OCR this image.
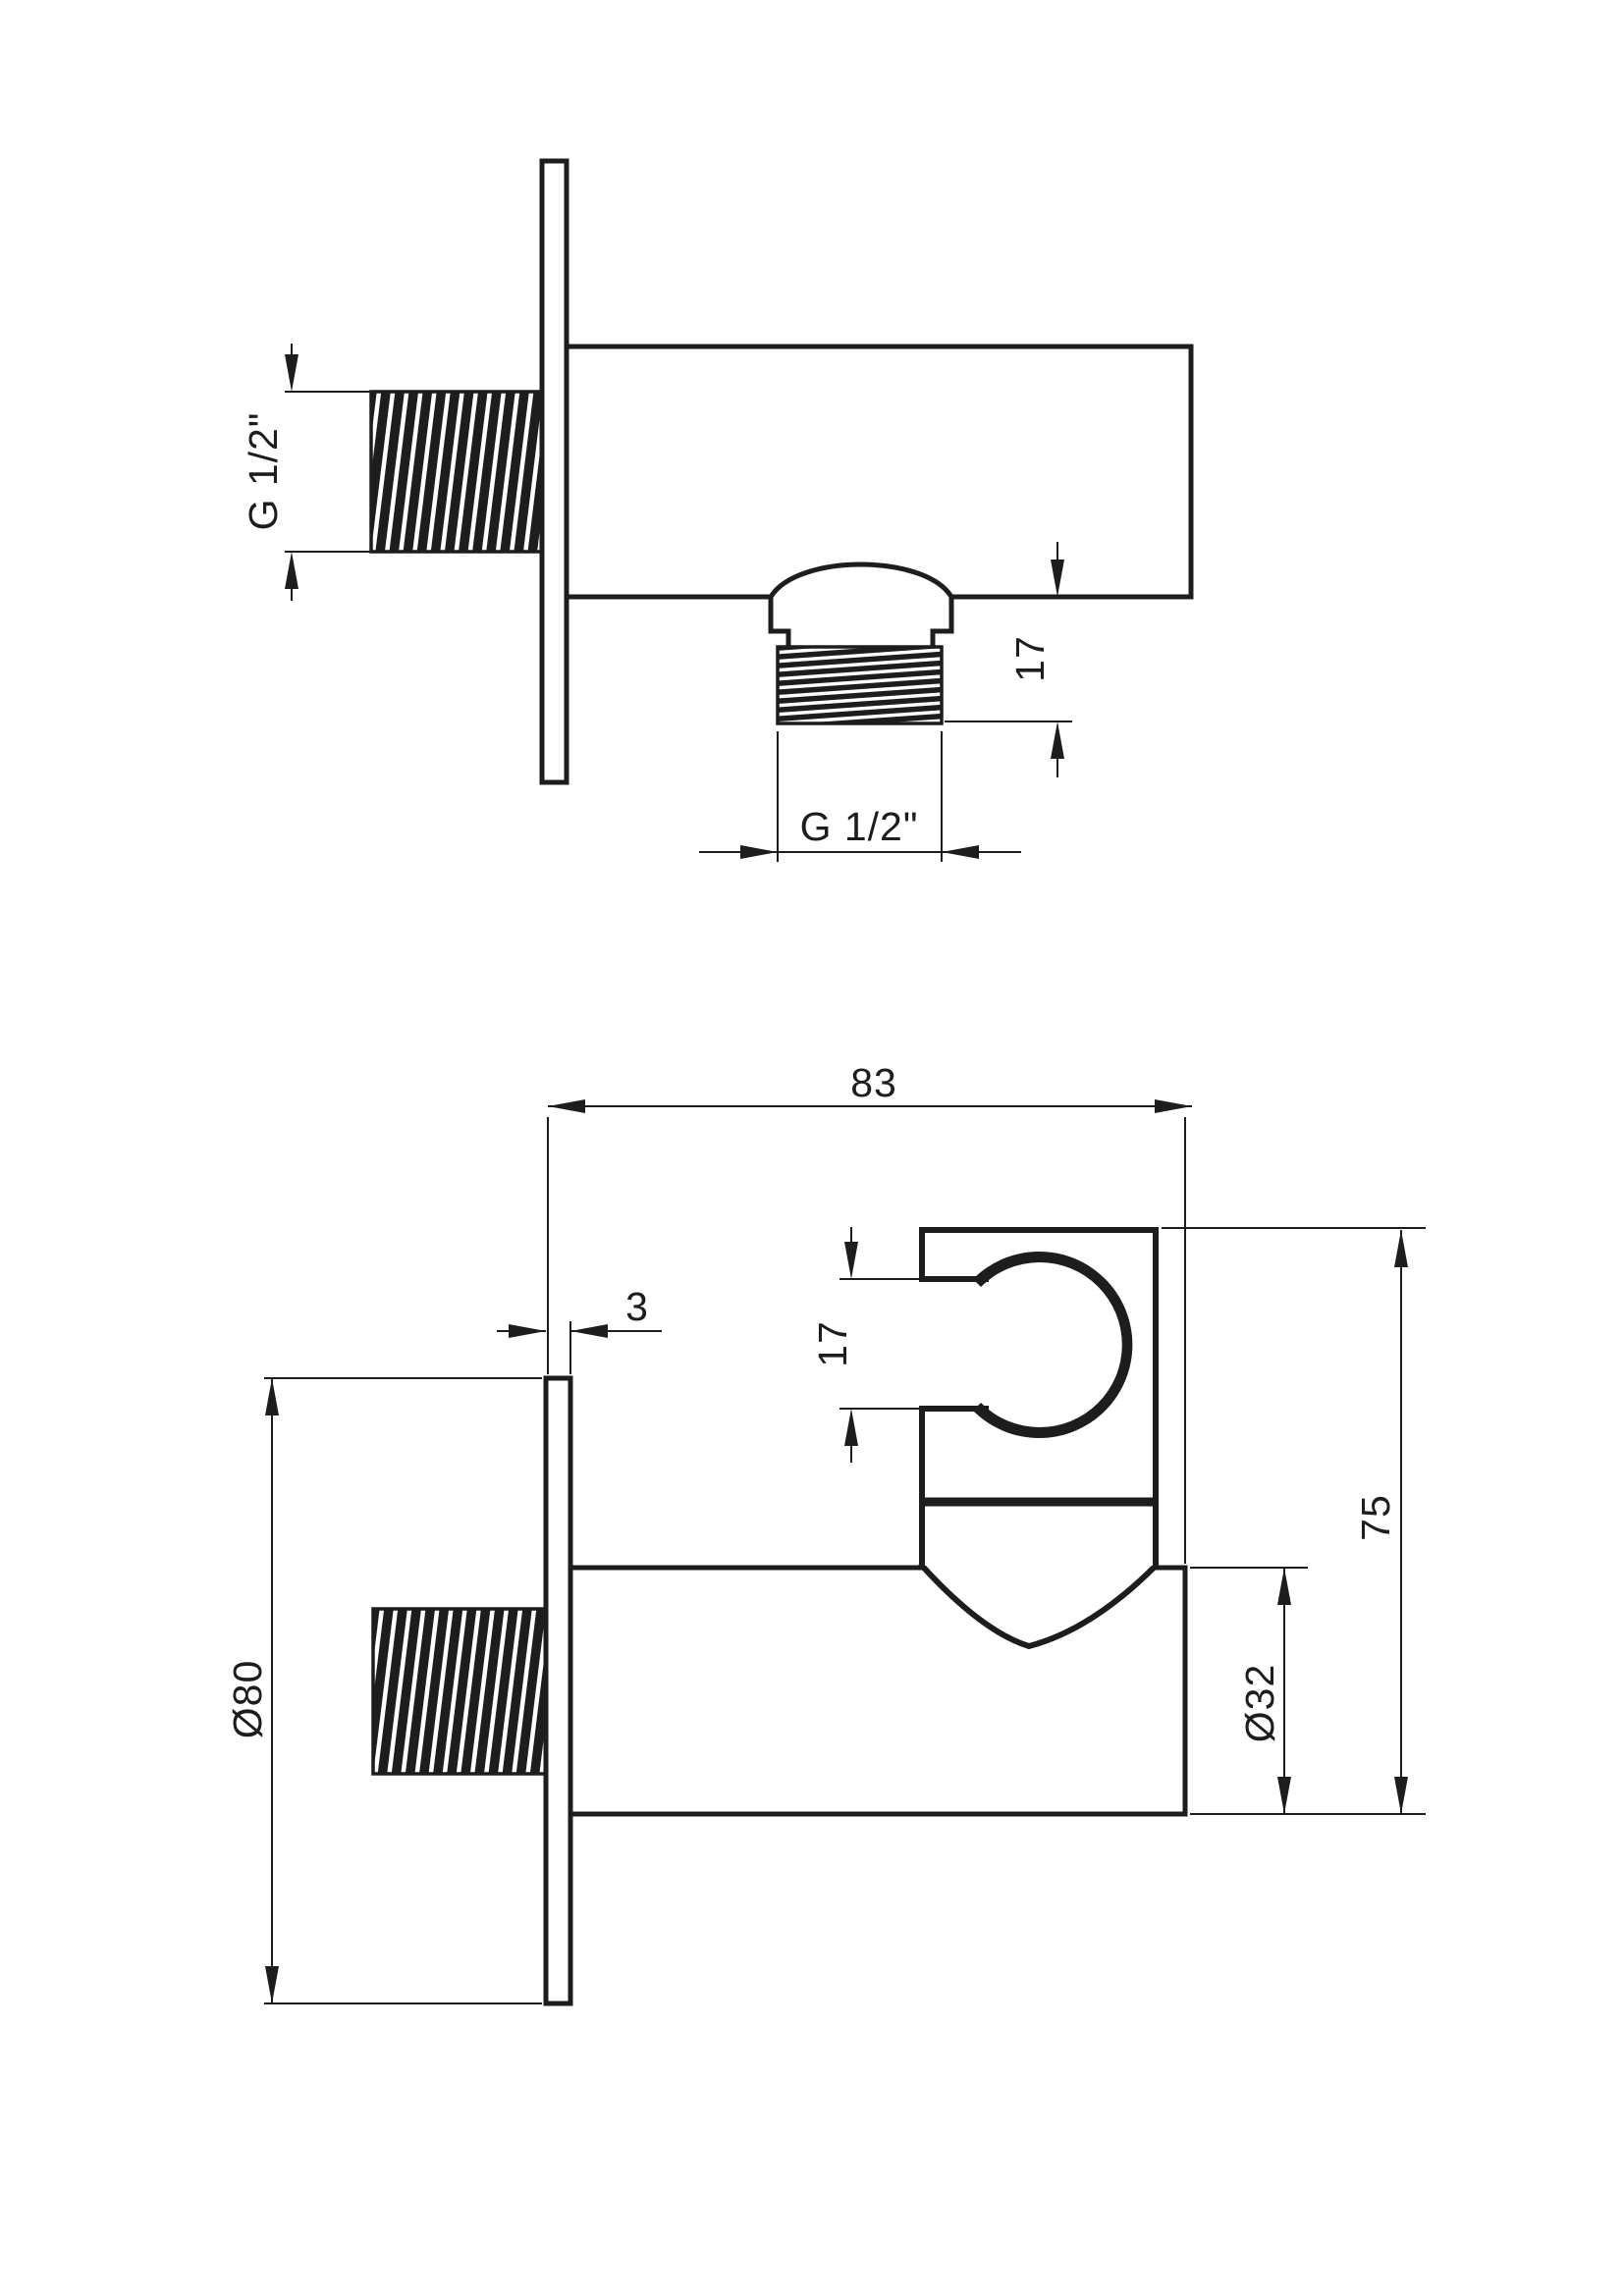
G 1/2"
17
G 1/2"
83
3
17
75
Ø32
Ø80
